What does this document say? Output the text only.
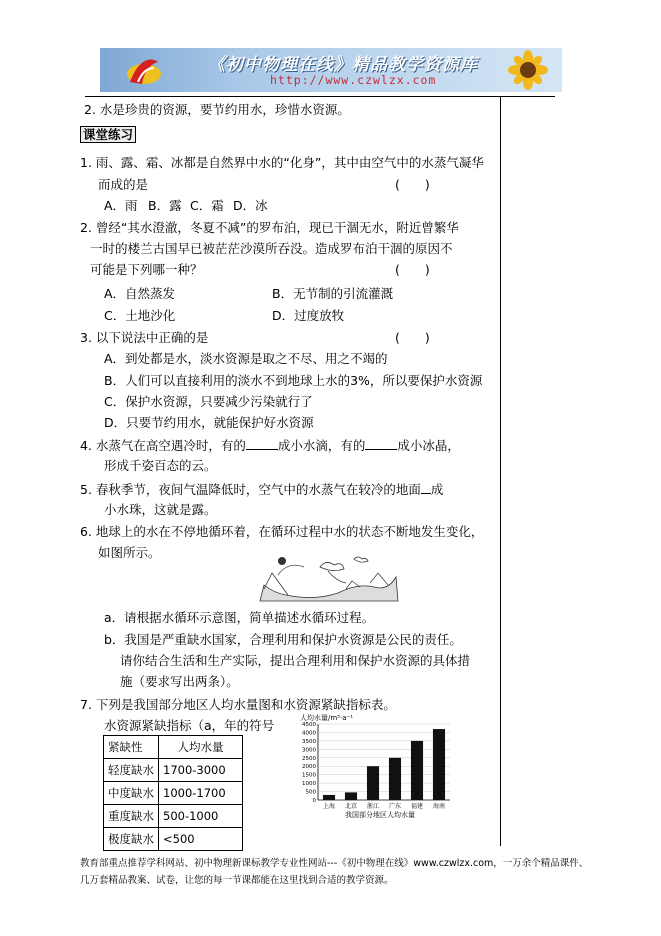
《初中物理在线》精品教学资源库
http://www.czwlzx.com
2. 水是珍贵的资源，要节约用水，珍惜水资源。
课堂练习
1. 雨、露、霜、冰都是自然界中水的“化身”，其中由空气中的水蒸气凝华
而成的是	(　　)
A．雨 B．露 C．霜 D．冰
2. 曾经“其水澄澈，冬夏不减”的罗布泊，现已干涸无水，附近曾繁华
一时的楼兰古国早已被茫茫沙漠所吞没。造成罗布泊干涸的原因不
可能是下列哪一种？	(　　)
A．自然蒸发	B．无节制的引流灌溉
C．土地沙化	D．过度放牧
3. 以下说法中正确的是	(　　)
A．到处都是水，淡水资源是取之不尽、用之不竭的
B．人们可以直接利用的淡水不到地球上水的3%，所以要保护水资源
C．保护水资源，只要减少污染就行了
D．只要节约用水，就能保护好水资源
4. 水蒸气在高空遇冷时，有的	成小水滴，有的	成小冰晶，
形成千姿百态的云。
5. 春秋季节，夜间气温降低时，空气中的水蒸气在较冷的地面 成
小水珠，这就是露。
6. 地球上的水在不停地循环着，在循环过程中水的状态不断地发生变化，
如图所示。
a．请根据水循环示意图，简单描述水循环过程。
b．我国是严重缺水国家，合理利用和保护水资源是公民的责任。
请你结合生活和生产实际，提出合理利用和保护水资源的具体措
施（要求写出两条）。
7. 下列是我国部分地区人均水量图和水资源紧缺指标表。
水资源紧缺指标（a，年的符号
紧缺性	人均水量
轻度缺水	1700-3000
中度缺水	1000-1700
重度缺水	500-1000
极度缺水	<500
人均水量/m³·a⁻¹
0
500
1000
1500
2000
2500
3000
3500
4000
4500
上海 北京 浙江 广东 福建 海南
我国部分地区人均水量
教育部重点推荐学科网站、初中物理新课标教学专业性网站---《初中物理在线》www.czwlzx.com，一万余个精品课件、
几万套精品教案、试卷，让您的每一节课都能在这里找到合适的教学资源。
